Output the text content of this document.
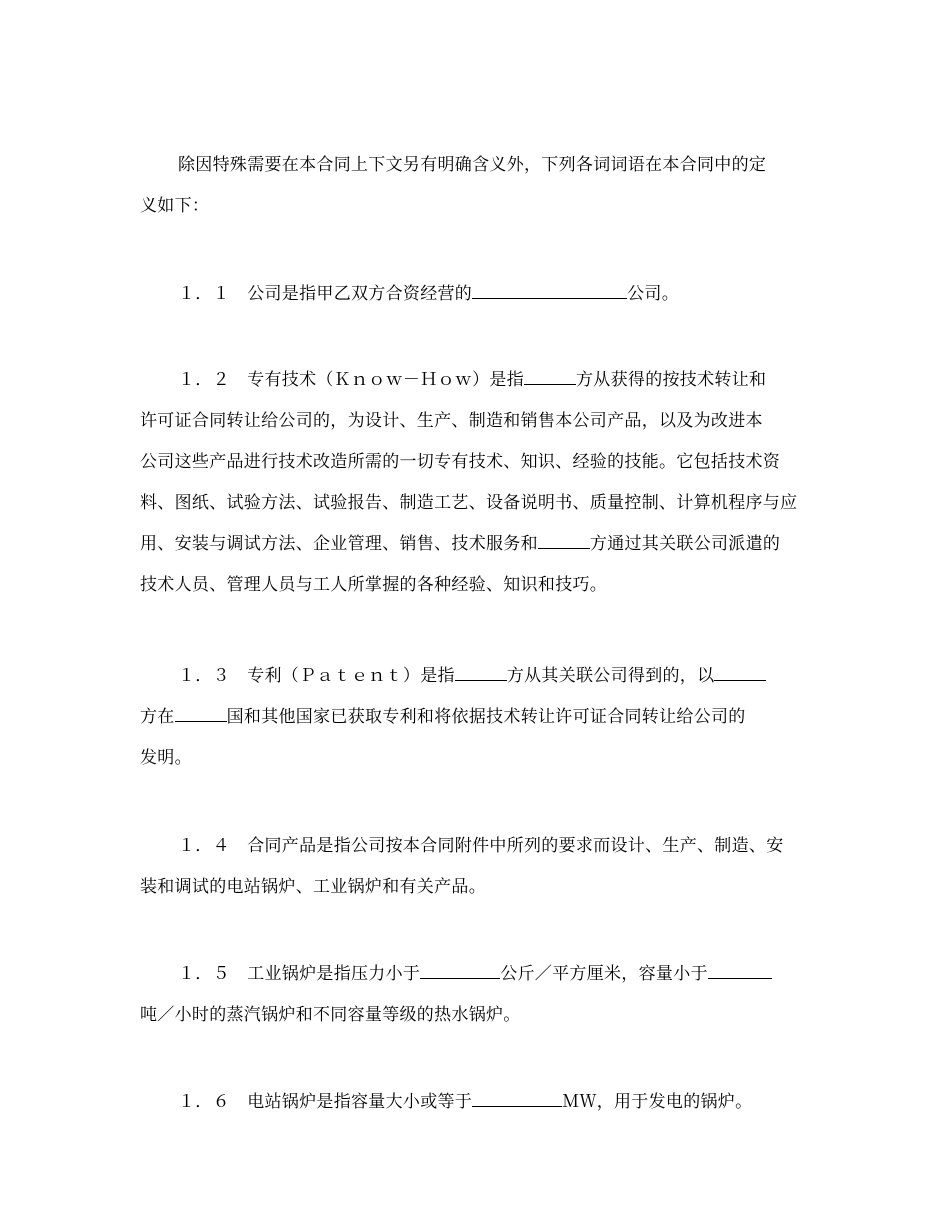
除因特殊需要在本合同上下文另有明确含义外，下列各词词语在本合同中的定
义如下：
１．１　公司是指甲乙双方合资经营的	公司。
１．２　专有技术（Ｋｎｏｗ－Ｈｏｗ）是指	方从获得的按技术转让和
许可证合同转让给公司的，为设计、生产、制造和销售本公司产品，以及为改进本
公司这些产品进行技术改造所需的一切专有技术、知识、经验的技能。它包括技术资
料、图纸、试验方法、试验报告、制造工艺、设备说明书、质量控制、计算机程序与应
用、安装与调试方法、企业管理、销售、技术服务和	方通过其关联公司派遣的
技术人员、管理人员与工人所掌握的各种经验、知识和技巧。
１．３　专利（Ｐａｔｅｎｔ）是指	方从其关联公司得到的，以
方在	国和其他国家已获取专利和将依据技术转让许可证合同转让给公司的
发明。
１．４　合同产品是指公司按本合同附件中所列的要求而设计、生产、制造、安
装和调试的电站锅炉、工业锅炉和有关产品。
１．５　工业锅炉是指压力小于	公斤／平方厘米，容量小于
吨／小时的蒸汽锅炉和不同容量等级的热水锅炉。
１．６　电站锅炉是指容量大小或等于	ＭＷ，用于发电的锅炉。
